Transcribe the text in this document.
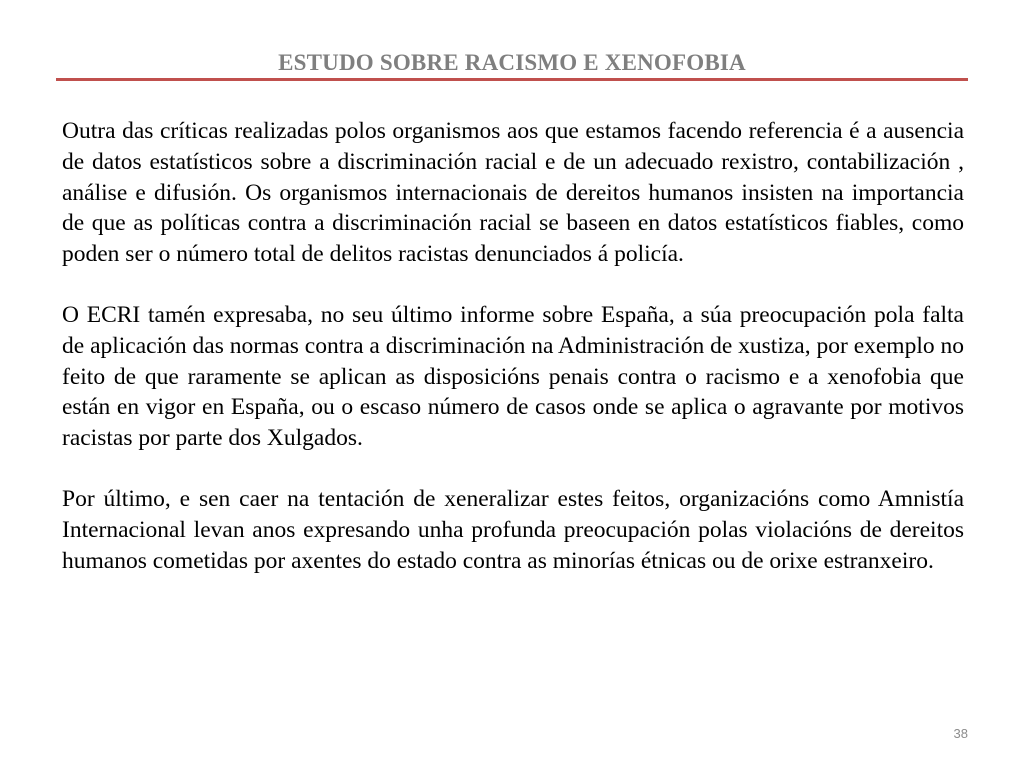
ESTUDO SOBRE RACISMO E XENOFOBIA

Outra das críticas realizadas polos organismos aos que estamos facendo referencia é a ausencia de datos estatísticos sobre a discriminación racial e de un adecuado rexistro, contabilización , análise e difusión. Os organismos internacionais de dereitos humanos insisten na importancia de que as políticas contra a discriminación racial se baseen en datos estatísticos fiables, como poden ser o número total de delitos racistas denunciados á policía.

O ECRI tamén expresaba, no seu último informe sobre España, a súa preocupación pola falta de aplicación das normas contra a discriminación na Administración de xustiza, por exemplo no feito de que raramente se aplican as disposicións penais contra o racismo e a xenofobia que están en vigor en España, ou o escaso número de casos onde se aplica o agravante por motivos racistas por parte dos Xulgados.

Por último, e sen caer na tentación de xeneralizar estes feitos, organizacións como Amnistía Internacional levan anos expresando unha profunda preocupación polas violacións de dereitos humanos cometidas por axentes do estado contra as minorías étnicas ou de orixe estranxeiro.

38
